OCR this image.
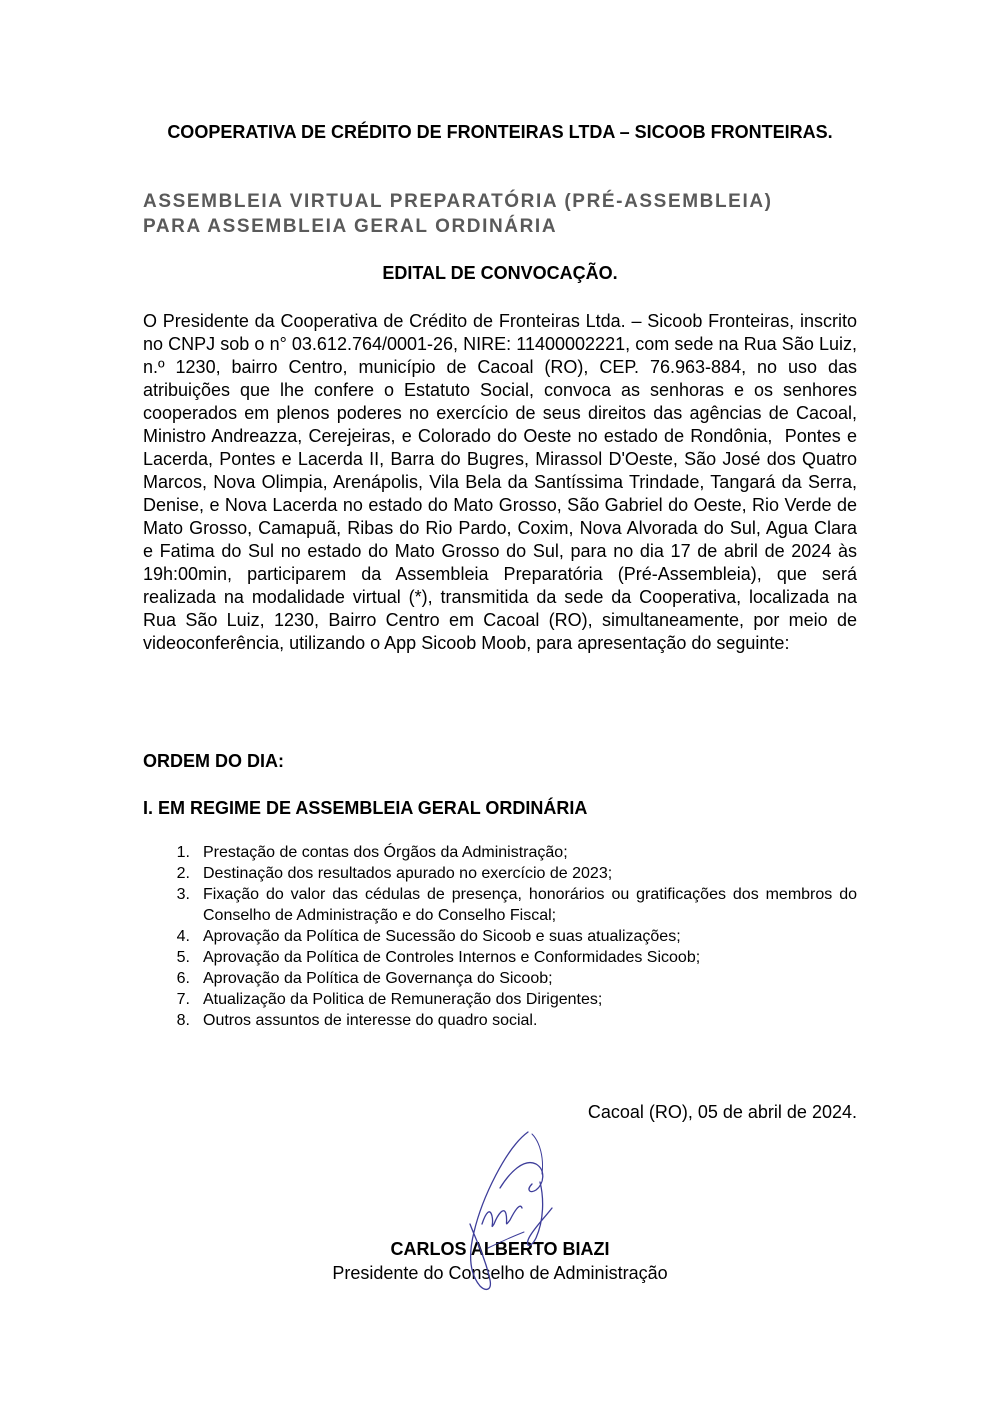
COOPERATIVA DE CRÉDITO DE FRONTEIRAS LTDA – SICOOB FRONTEIRAS.
ASSEMBLEIA VIRTUAL PREPARATÓRIA (PRÉ-ASSEMBLEIA)
PARA ASSEMBLEIA GERAL ORDINÁRIA
EDITAL DE CONVOCAÇÃO.
O Presidente da Cooperativa de Crédito de Fronteiras Ltda. – Sicoob Fronteiras, inscrito no CNPJ sob o n° 03.612.764/0001-26, NIRE: 11400002221, com sede na Rua São Luiz, n.º 1230, bairro Centro, município de Cacoal (RO), CEP. 76.963-884, no uso das atribuições que lhe confere o Estatuto Social, convoca as senhoras e os senhores cooperados em plenos poderes no exercício de seus direitos das agências de Cacoal, Ministro Andreazza, Cerejeiras, e Colorado do Oeste no estado de Rondônia,  Pontes e Lacerda, Pontes e Lacerda II, Barra do Bugres, Mirassol D'Oeste, São José dos Quatro Marcos, Nova Olimpia, Arenápolis, Vila Bela da Santíssima Trindade, Tangará da Serra, Denise, e Nova Lacerda no estado do Mato Grosso, São Gabriel do Oeste, Rio Verde de Mato Grosso, Camapuã, Ribas do Rio Pardo, Coxim, Nova Alvorada do Sul, Agua Clara e Fatima do Sul no estado do Mato Grosso do Sul, para no dia 17 de abril de 2024 às 19h:00min, participarem da Assembleia Preparatória (Pré-Assembleia), que será realizada na modalidade virtual (*), transmitida da sede da Cooperativa, localizada na Rua São Luiz, 1230, Bairro Centro em Cacoal (RO), simultaneamente, por meio de videoconferência, utilizando o App Sicoob Moob, para apresentação do seguinte:
ORDEM DO DIA:
I. EM REGIME DE ASSEMBLEIA GERAL ORDINÁRIA
1. Prestação de contas dos Órgãos da Administração;
2. Destinação dos resultados apurado no exercício de 2023;
3. Fixação do valor das cédulas de presença, honorários ou gratificações dos membros do Conselho de Administração e do Conselho Fiscal;
4. Aprovação da Política de Sucessão do Sicoob e suas atualizações;
5. Aprovação da Política de Controles Internos e Conformidades Sicoob;
6. Aprovação da Política de Governança do Sicoob;
7. Atualização da Politica de Remuneração dos Dirigentes;
8. Outros assuntos de interesse do quadro social.
Cacoal (RO), 05 de abril de 2024.
CARLOS ALBERTO BIAZI
Presidente do Conselho de Administração
